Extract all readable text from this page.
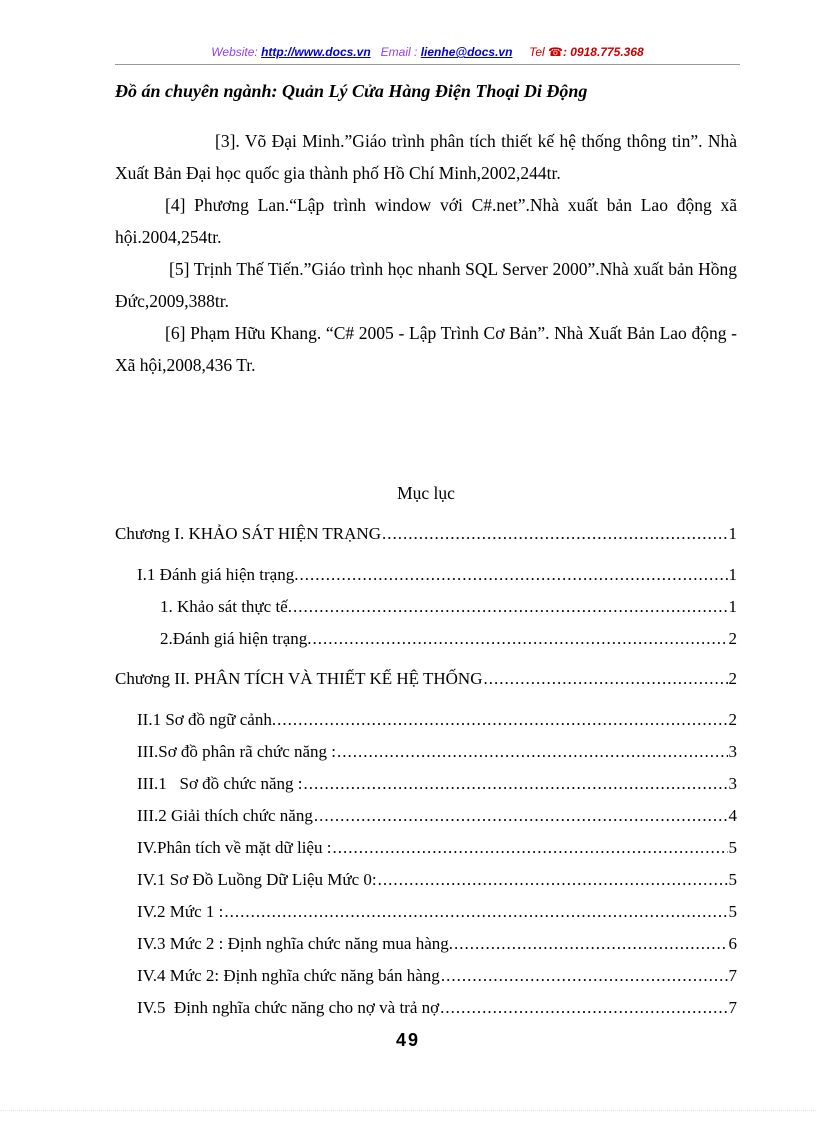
Website: http://www.docs.vn Email : lienhe@docs.vn Tel ☎: 0918.775.368
Đồ án chuyên ngành: Quản Lý Cửa Hàng Điện Thoại Di Động

[3]. Võ Đại Minh.”Giáo trình phân tích thiết kế hệ thống thông tin”. Nhà Xuất Bản Đại học quốc gia thành phố Hồ Chí Minh,2002,244tr.

[4] Phương Lan.“Lập trình window với C#.net”.Nhà xuất bản Lao động xã hội.2004,254tr.

[5] Trịnh Thế Tiến.”Giáo trình học nhanh SQL Server 2000”.Nhà xuất bản Hồng Đức,2009,388tr.

[6] Phạm Hữu Khang. “C# 2005 - Lập Trình Cơ Bản”. Nhà Xuất Bản Lao động - Xã hội,2008,436 Tr.

Mục lục
Chương I. KHẢO SÁT HIỆN TRẠNG .....	1
I.1 Đánh giá hiện trạng. .....	1
1. Khảo sát thực tế. .....	1
2.Đánh giá hiện trạng. .....	2
Chương II. PHÂN TÍCH VÀ THIẾT KẾ HỆ THỐNG .....	2
II.1 Sơ đồ ngữ cảnh. .....	2
III.Sơ đồ phân rã chức năng : .....	3
III.1   Sơ đồ chức năng : .....	3
III.2 Giải thích chức năng .....	4
IV.Phân tích về mặt dữ liệu : .....	5
IV.1 Sơ Đồ Luồng Dữ Liệu Mức 0: .....	5
IV.2 Mức 1 : .....	5
IV.3 Mức 2 : Định nghĩa chức năng mua hàng. .....	6
IV.4 Mức 2: Định nghĩa chức năng bán hàng .....	7
IV.5  Định nghĩa chức năng cho nợ và trả nợ .....	7
49
